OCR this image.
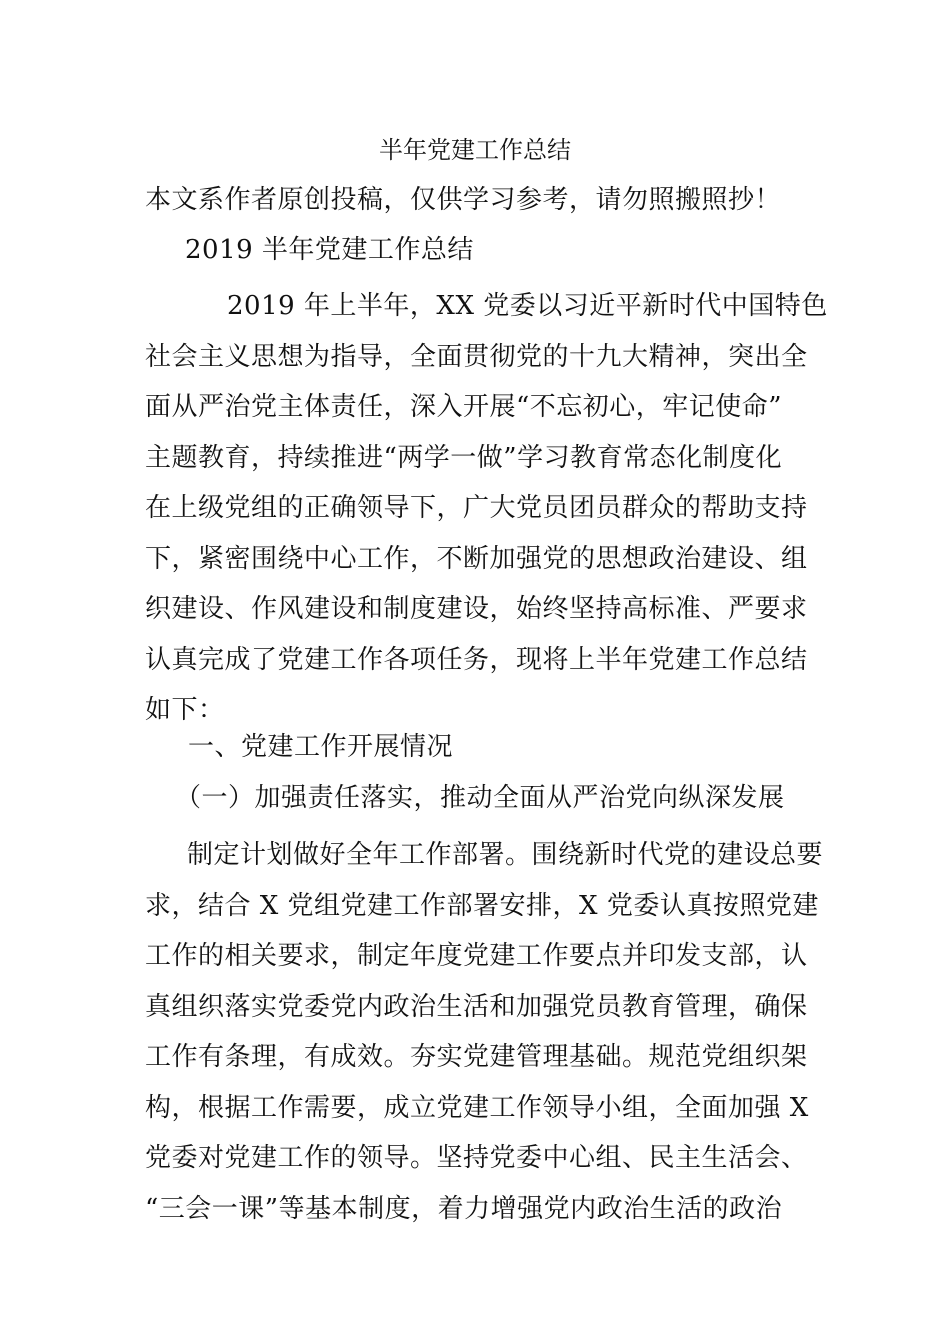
半年党建工作总结
本文系作者原创投稿，仅供学习参考，请勿照搬照抄！
2019 半年党建工作总结
2019 年上半年，XX 党委以习近平新时代中国特色
社会主义思想为指导，全面贯彻党的十九大精神，突出全
面从严治党主体责任，深入开展“不忘初心，牢记使命”
主题教育，持续推进“两学一做”学习教育常态化制度化
在上级党组的正确领导下，广大党员团员群众的帮助支持
下，紧密围绕中心工作，不断加强党的思想政治建设、组
织建设、作风建设和制度建设，始终坚持高标准、严要求
认真完成了党建工作各项任务，现将上半年党建工作总结
如下：
一、党建工作开展情况
（一）加强责任落实，推动全面从严治党向纵深发展
制定计划做好全年工作部署。围绕新时代党的建设总要
求，结合 X 党组党建工作部署安排，X 党委认真按照党建
工作的相关要求，制定年度党建工作要点并印发支部，认
真组织落实党委党内政治生活和加强党员教育管理，确保
工作有条理，有成效。夯实党建管理基础。规范党组织架
构，根据工作需要，成立党建工作领导小组，全面加强 X
党委对党建工作的领导。坚持党委中心组、民主生活会、
“三会一课”等基本制度，着力增强党内政治生活的政治
